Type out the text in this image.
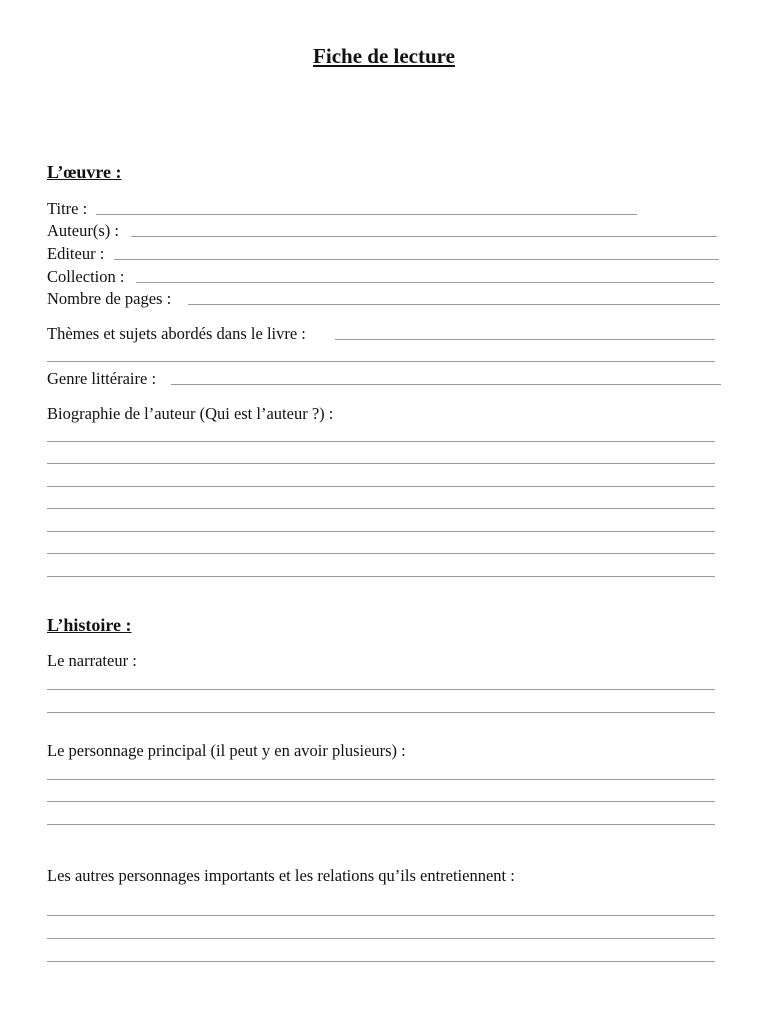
Fiche de lecture
L’œuvre :
Titre :
Auteur(s) :
Editeur :
Collection :
Nombre de pages :
Thèmes et sujets abordés dans le livre :
Genre littéraire :
Biographie de l’auteur (Qui est l’auteur ?) :
L’histoire :
Le narrateur :
Le personnage principal (il peut y en avoir plusieurs) :
Les autres personnages importants et les relations qu’ils entretiennent :
